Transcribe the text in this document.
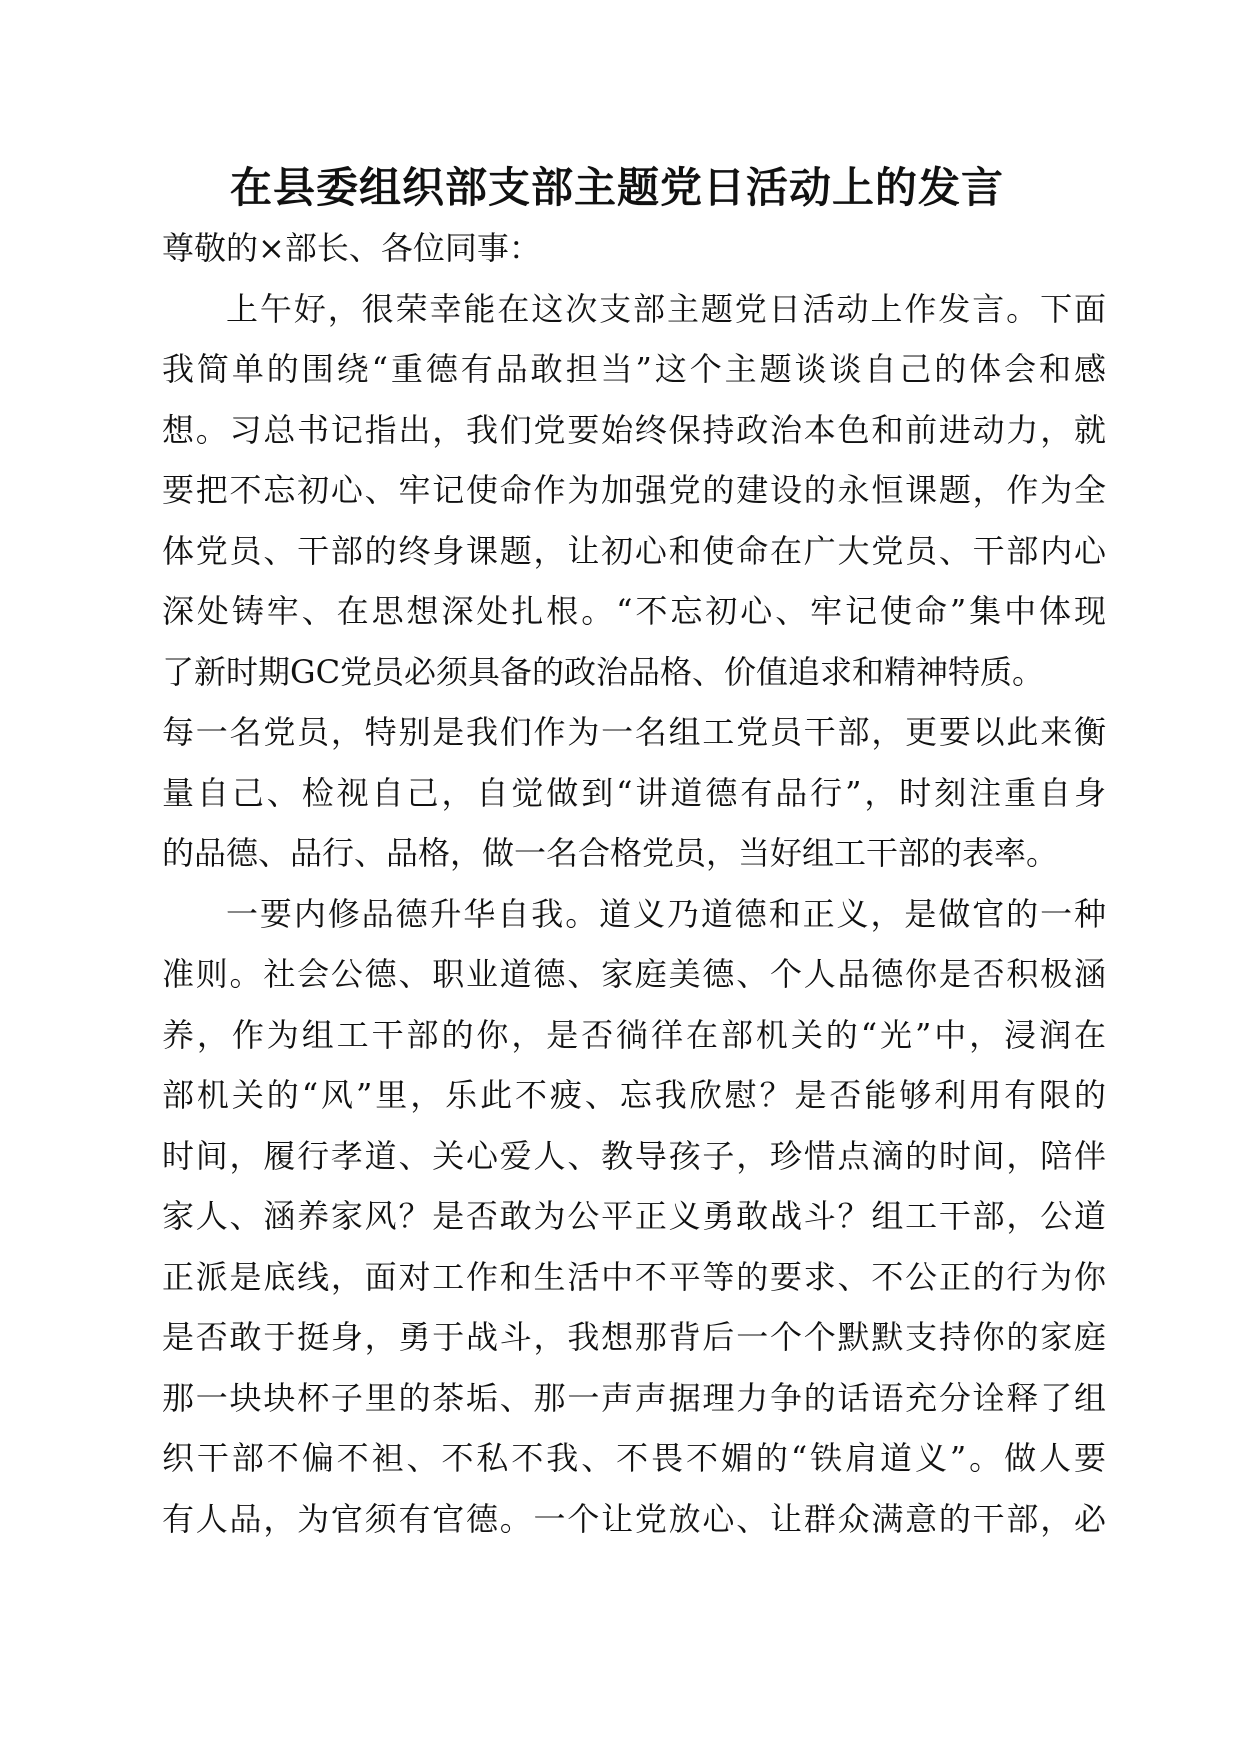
在县委组织部支部主题党日活动上的发言
尊敬的×部长、各位同事：
上午好，很荣幸能在这次支部主题党日活动上作发言。下面
我简单的围绕“重德有品敢担当”这个主题谈谈自己的体会和感
想。习总书记指出，我们党要始终保持政治本色和前进动力，就
要把不忘初心、牢记使命作为加强党的建设的永恒课题，作为全
体党员、干部的终身课题，让初心和使命在广大党员、干部内心
深处铸牢、在思想深处扎根。“不忘初心、牢记使命”集中体现
了新时期GC党员必须具备的政治品格、价值追求和精神特质。
每一名党员，特别是我们作为一名组工党员干部，更要以此来衡
量自己、检视自己，自觉做到“讲道德有品行”，时刻注重自身
的品德、品行、品格，做一名合格党员，当好组工干部的表率。
一要内修品德升华自我。道义乃道德和正义，是做官的一种
准则。社会公德、职业道德、家庭美德、个人品德你是否积极涵
养，作为组工干部的你，是否徜徉在部机关的“光”中，浸润在
部机关的“风”里，乐此不疲、忘我欣慰？是否能够利用有限的
时间，履行孝道、关心爱人、教导孩子，珍惜点滴的时间，陪伴
家人、涵养家风？是否敢为公平正义勇敢战斗？组工干部，公道
正派是底线，面对工作和生活中不平等的要求、不公正的行为你
是否敢于挺身，勇于战斗，我想那背后一个个默默支持你的家庭
那一块块杯子里的茶垢、那一声声据理力争的话语充分诠释了组
织干部不偏不袒、不私不我、不畏不媚的“铁肩道义”。做人要
有人品，为官须有官德。一个让党放心、让群众满意的干部，必
